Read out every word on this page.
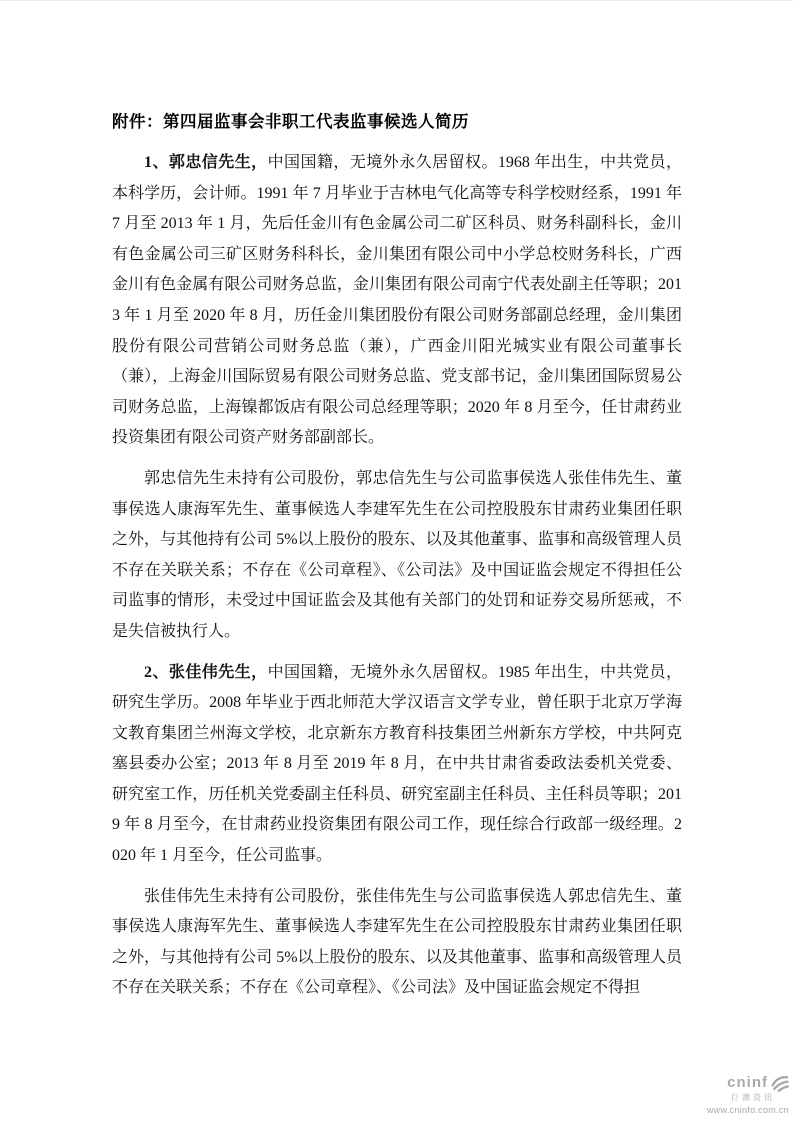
附件：第四届监事会非职工代表监事候选人简历

1、郭忠信先生，中国国籍，无境外永久居留权。1968 年出生，中共党员，本科学历，会计师。1991 年 7 月毕业于吉林电气化高等专科学校财经系，1991 年 7 月至 2013 年 1 月，先后任金川有色金属公司二矿区科员、财务科副科长，金川有色金属公司三矿区财务科科长，金川集团有限公司中小学总校财务科长，广西金川有色金属有限公司财务总监，金川集团有限公司南宁代表处副主任等职；2013 年 1 月至 2020 年 8 月，历任金川集团股份有限公司财务部副总经理，金川集团股份有限公司营销公司财务总监（兼），广西金川阳光城实业有限公司董事长（兼），上海金川国际贸易有限公司财务总监、党支部书记，金川集团国际贸易公司财务总监，上海镍都饭店有限公司总经理等职；2020 年 8 月至今，任甘肃药业投资集团有限公司资产财务部副部长。

郭忠信先生未持有公司股份，郭忠信先生与公司监事侯选人张佳伟先生、董事侯选人康海军先生、董事候选人李建军先生在公司控股股东甘肃药业集团任职之外，与其他持有公司 5%以上股份的股东、以及其他董事、监事和高级管理人员不存在关联关系；不存在《公司章程》、《公司法》及中国证监会规定不得担任公司监事的情形，未受过中国证监会及其他有关部门的处罚和证券交易所惩戒，不是失信被执行人。

2、张佳伟先生，中国国籍，无境外永久居留权。1985 年出生，中共党员，研究生学历。2008 年毕业于西北师范大学汉语言文学专业，曾任职于北京万学海文教育集团兰州海文学校，北京新东方教育科技集团兰州新东方学校，中共阿克塞县委办公室；2013 年 8 月至 2019 年 8 月，在中共甘肃省委政法委机关党委、研究室工作，历任机关党委副主任科员、研究室副主任科员、主任科员等职；2019 年 8 月至今，在甘肃药业投资集团有限公司工作，现任综合行政部一级经理。2020 年 1 月至今，任公司监事。

张佳伟先生未持有公司股份，张佳伟先生与公司监事侯选人郭忠信先生、董事侯选人康海军先生、董事候选人李建军先生在公司控股股东甘肃药业集团任职之外，与其他持有公司 5%以上股份的股东、以及其他董事、监事和高级管理人员不存在关联关系；不存在《公司章程》、《公司法》及中国证监会规定不得担

cninf
巨潮资讯
www.cninfo.com.cn
